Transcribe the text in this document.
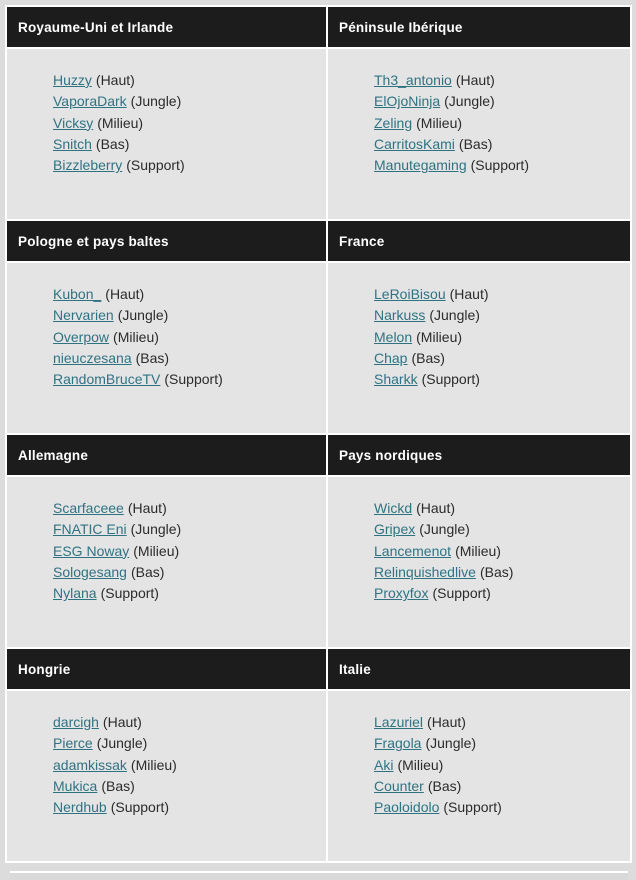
Royaume-Uni et Irlande	Péninsule Ibérique

Huzzy (Haut)
VaporaDark (Jungle)
Vicksy (Milieu)
Snitch (Bas)
Bizzleberry (Support)

Th3_antonio (Haut)
ElOjoNinja (Jungle)
Zeling (Milieu)
CarritosKami (Bas)
Manutegaming (Support)

Pologne et pays baltes	France

Kubon_ (Haut)
Nervarien (Jungle)
Overpow (Milieu)
nieuczesana (Bas)
RandomBruceTV (Support)

LeRoiBisou (Haut)
Narkuss (Jungle)
Melon (Milieu)
Chap (Bas)
Sharkk (Support)

Allemagne	Pays nordiques

Scarfaceee (Haut)
FNATIC Eni (Jungle)
ESG Noway (Milieu)
Sologesang (Bas)
Nylana (Support)

Wickd (Haut)
Gripex (Jungle)
Lancemenot (Milieu)
Relinquishedlive (Bas)
Proxyfox (Support)

Hongrie	Italie

darcigh (Haut)
Pierce (Jungle)
adamkissak (Milieu)
Mukica (Bas)
Nerdhub (Support)

Lazuriel (Haut)
Fragola (Jungle)
Aki (Milieu)
Counter (Bas)
Paoloidolo (Support)
